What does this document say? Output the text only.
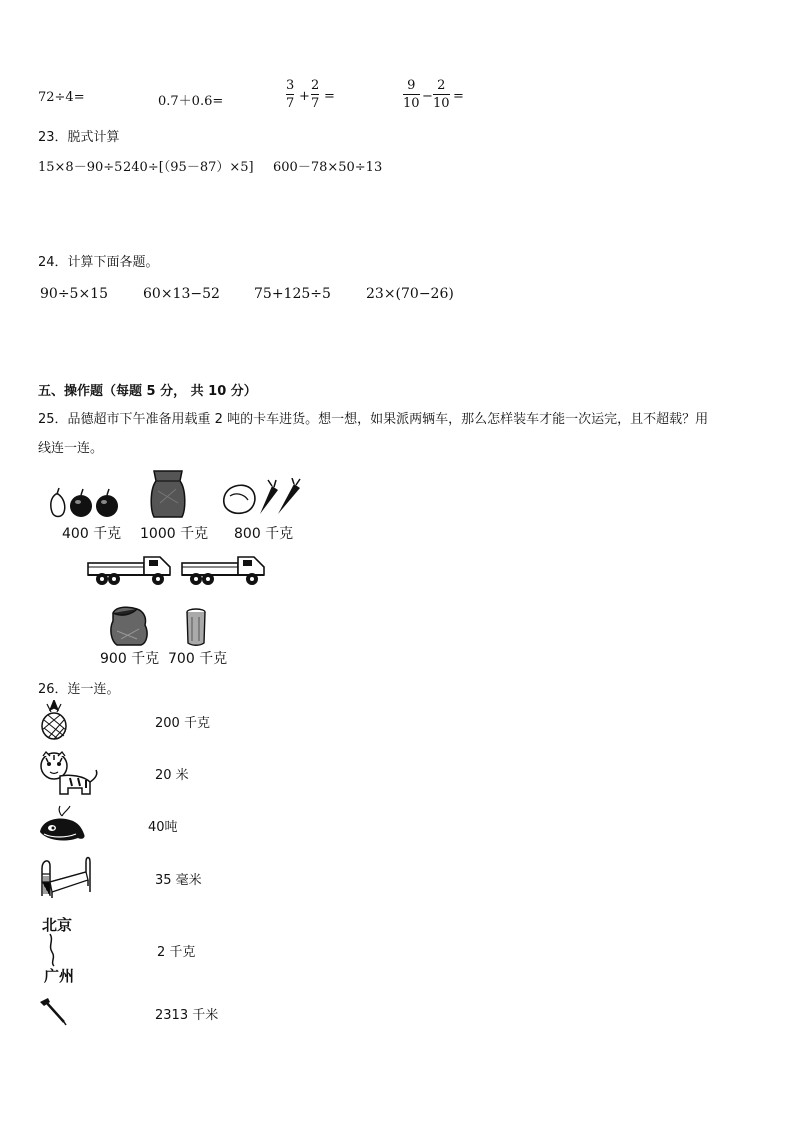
72÷4=	0.7＋0.6=
3
7 +
2
7 =
9
10 −
2
10 =
23．脱式计算
15×8－90÷5 240÷[（95－87）×5] 600－78×50÷13
24．计算下面各题。
90÷5×15	60×13−52 75+125÷5	23×(70−26)
五、操作题（每题 5 分， 共 10 分）
25．品德超市下午准备用载重 2 吨的卡车进货。想一想，如果派两辆车，那么怎样装车才能一次运完，且不超载？用
线连一连。
400 千克 1000 千克 800 千克
900 千克 700 千克
26．连一连。
200 千克
20 米
40吨
35 毫米
北京
广州
2 千克
2313 千米
